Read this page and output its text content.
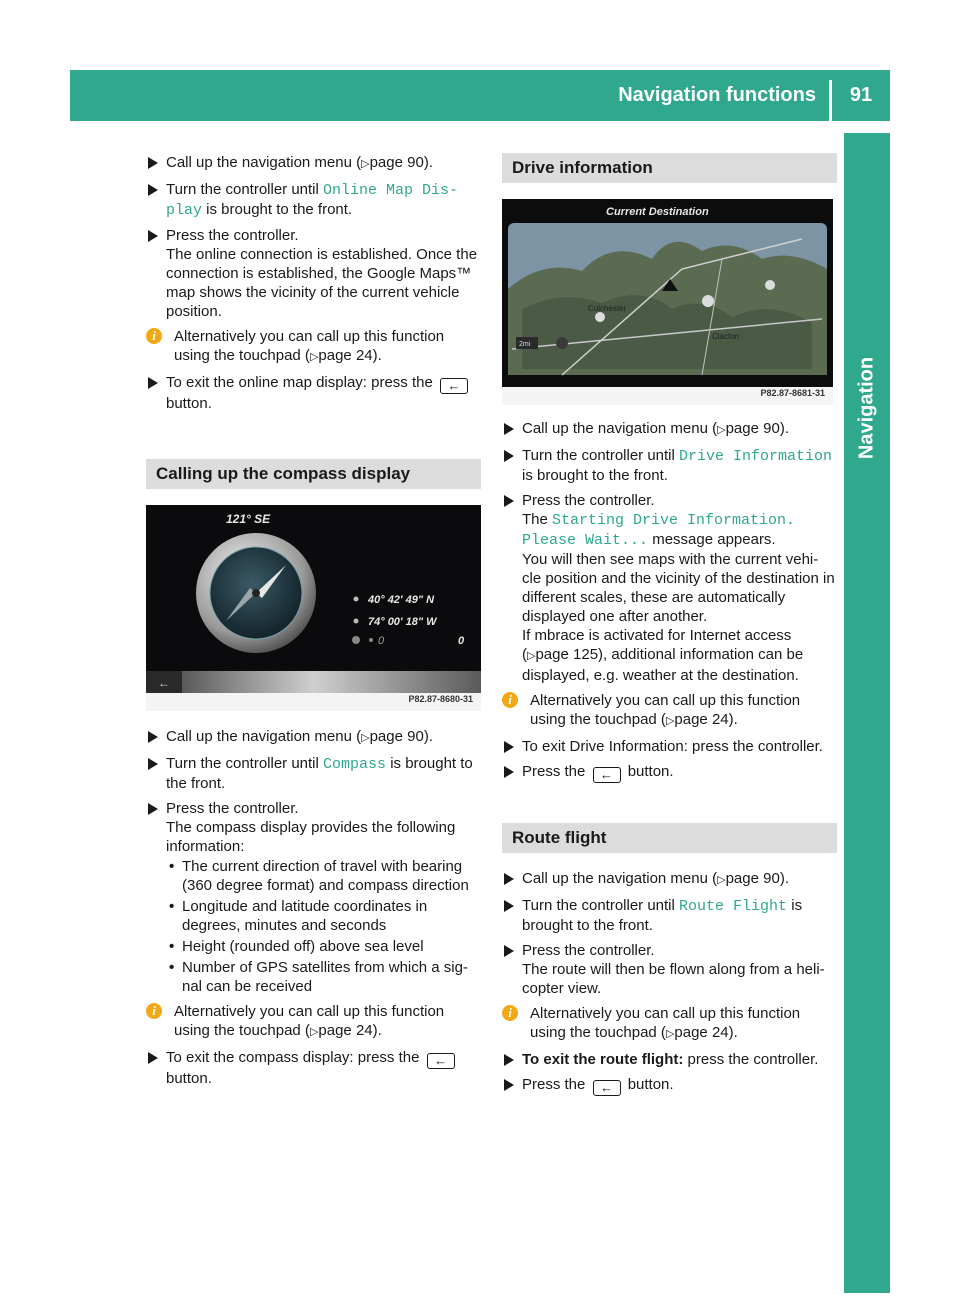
Navigation functions	91
Navigation
Call up the navigation menu (▷page 90).
Turn the controller until Online Map Dis‐play is brought to the front.
Press the controller.
The online connection is established. Once the connection is established, the Google Maps™ map shows the vicinity of the current vehicle position.
i	Alternatively you can call up this function using the touchpad (▷page 24).
To exit the online map display: press the ← button.
Calling up the compass display
←
121° SE
40° 42' 49" N
74° 00' 18" W
0	0
P82.87-8680-31
Call up the navigation menu (▷page 90).
Turn the controller until Compass is brought to the front.
Press the controller.
The compass display provides the following information:
• The current direction of travel with bearing (360 degree format) and compass direction
• Longitude and latitude coordinates in degrees, minutes and seconds
• Height (rounded off) above sea level
• Number of GPS satellites from which a sig‐nal can be received
i	Alternatively you can call up this function using the touchpad (▷page 24).
To exit the compass display: press the ← button.
Drive information
Current Destination
Colchester
Clacton
2mi
P82.87-8681-31
Call up the navigation menu (▷page 90).
Turn the controller until Drive Information is brought to the front.
Press the controller.
The Starting Drive Information. Please Wait... message appears.
You will then see maps with the current vehi‐cle position and the vicinity of the destination in different scales, these are automatically displayed one after another.
If mbrace is activated for Internet access (▷page 125), additional information can be displayed, e.g. weather at the destination.
i	Alternatively you can call up this function using the touchpad (▷page 24).
To exit Drive Information: press the controller.
Press the ← button.
Route flight
Call up the navigation menu (▷page 90).
Turn the controller until Route Flight is brought to the front.
Press the controller.
The route will then be flown along from a heli‐copter view.
i	Alternatively you can call up this function using the touchpad (▷page 24).
To exit the route flight: press the controller.
Press the ← button.
